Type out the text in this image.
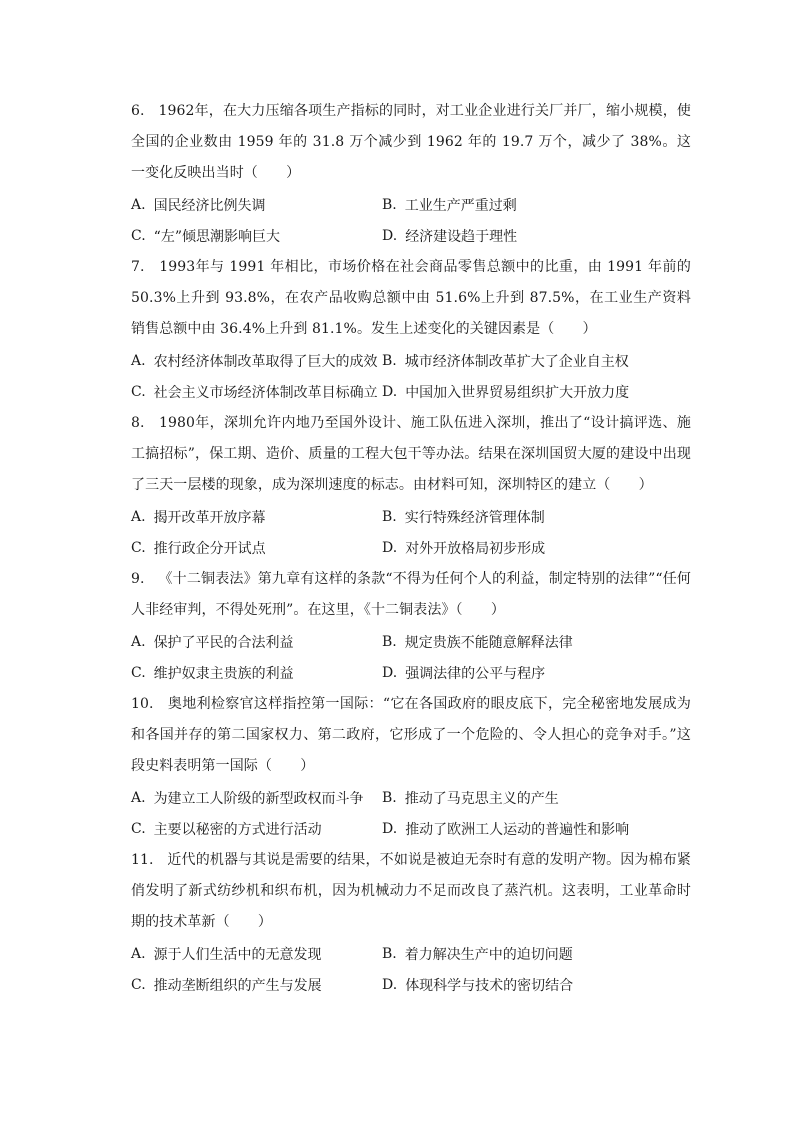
6. 1962年，在大力压缩各项生产指标的同时，对工业企业进行关厂并厂，缩小规模，使全国的企业数由 1959 年的 31.8 万个减少到 1962 年的 19.7 万个，减少了 38%。这一变化反映出当时（　　）

A. 国民经济比例失调	B. 工业生产严重过剩
C. “左”倾思潮影响巨大	D. 经济建设趋于理性

7. 1993年与 1991 年相比，市场价格在社会商品零售总额中的比重，由 1991 年前的 50.3%上升到 93.8%，在农产品收购总额中由 51.6%上升到 87.5%，在工业生产资料销售总额中由 36.4%上升到 81.1%。发生上述变化的关键因素是（　　）

A. 农村经济体制改革取得了巨大的成效 B. 城市经济体制改革扩大了企业自主权
C. 社会主义市场经济体制改革目标确立 D. 中国加入世界贸易组织扩大开放力度

8. 1980年，深圳允许内地乃至国外设计、施工队伍进入深圳，推出了“设计搞评选、施工搞招标”，保工期、造价、质量的工程大包干等办法。结果在深圳国贸大厦的建设中出现了三天一层楼的现象，成为深圳速度的标志。由材料可知，深圳特区的建立（　　）

A. 揭开改革开放序幕	B. 实行特殊经济管理体制
C. 推行政企分开试点	D. 对外开放格局初步形成

9. 《十二铜表法》第九章有这样的条款“不得为任何个人的利益，制定特别的法律”“任何人非经审判，不得处死刑”。在这里，《十二铜表法》（　　）

A. 保护了平民的合法利益	B. 规定贵族不能随意解释法律
C. 维护奴隶主贵族的利益	D. 强调法律的公平与程序

10. 奥地利检察官这样指控第一国际：“它在各国政府的眼皮底下，完全秘密地发展成为和各国并存的第二国家权力、第二政府，它形成了一个危险的、令人担心的竞争对手。”这段史料表明第一国际（　　）

A. 为建立工人阶级的新型政权而斗争 B. 推动了马克思主义的产生
C. 主要以秘密的方式进行活动	D. 推动了欧洲工人运动的普遍性和影响

11. 近代的机器与其说是需要的结果，不如说是被迫无奈时有意的发明产物。因为棉布紧俏发明了新式纺纱机和织布机，因为机械动力不足而改良了蒸汽机。这表明，工业革命时期的技术革新（　　）

A. 源于人们生活中的无意发现	B. 着力解决生产中的迫切问题
C. 推动垄断组织的产生与发展	D. 体现科学与技术的密切结合
